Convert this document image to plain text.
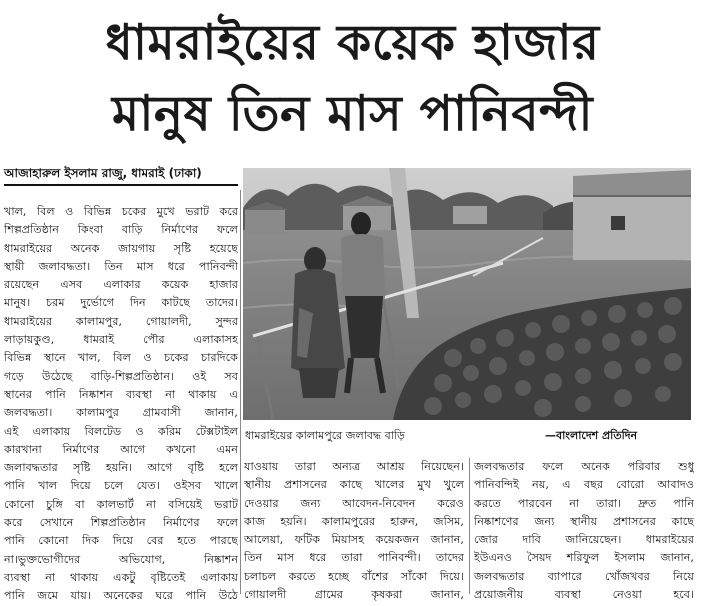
ধামরাইয়ের কয়েক হাজার
মানুষ তিন মাস পানিবন্দী
আজাহারুল ইসলাম রাজু, ধামরাই (ঢাকা)
খাল, বিল ও বিভিন্ন চকের মুখে ভরাট করে
শিল্পপ্রতিষ্ঠান কিংবা বাড়ি নির্মাণের ফলে
ধামরাইয়ের অনেক জায়গায় সৃষ্টি হয়েছে
স্থায়ী জলাবদ্ধতা। তিন মাস ধরে পানিবন্দী
রয়েছেন এসব এলাকার কয়েক হাজার
মানুষ। চরম দুর্ভোগে দিন কাটছে তাদের।
ধামরাইয়ের কালামপুর, গোয়ালদী, সুন্দর
লাড়ায়কুণ্ড, ধামরাই পৌর এলাকাসহ
বিভিন্ন স্থানে খাল, বিল ও চকের চারদিকে
গড়ে উঠেছে বাড়ি-শিল্পপ্রতিষ্ঠান। ওই সব
স্থানের পানি নিষ্কাশন ব্যবস্থা না থাকায় এ
জলবদ্ধতা। কালামপুর গ্রামবাসী জানান,
এই এলাকায় বিলটেড ও করিম টেক্সটাইল
কারখানা নির্মাণের আগে কখনো এমন
জলাবদ্ধতার সৃষ্টি হয়নি। আগে বৃষ্টি হলে
পানি খাল দিয়ে চলে যেত। ওইসব খালে
কোনো চুঙ্গি বা কালভার্ট না বসিয়েই ভরাট
করে সেখানে শিল্পপ্রতিষ্ঠান নির্মাণের ফলে
পানি কোনো দিক দিয়ে বের হতে পারছে
না।ভুক্তভোগীদের অভিযোগ, নিষ্কাশন
ব্যবস্থা না থাকায় একটু বৃষ্টিতেই এলাকায়
পানি জমে যায়। অনেকের ঘরে পানি উঠে
ধামরাইয়ের কালামপুরে জলাবদ্ধ বাড়ি	—বাংলাদেশ প্রতিদিন
যাওয়ায় তারা অন্যত্র আশ্রয় নিয়েছেন।
স্থানীয় প্রশাসনের কাছে খালের মুখ খুলে
দেওয়ার জন্য আবেদন-নিবেদন করেও
কাজ হয়নি। কালামপুরের হারুন, জসিম,
আলেয়া, ফটিক মিয়াসহ কয়েকজন জানান,
তিন মাস ধরে তারা পানিবন্দী। তাদের
চলাচল করতে হচ্ছে বাঁশের সাঁকো দিয়ে।
গোয়ালদী গ্রামের কৃষকরা জানান,
জলবদ্ধতার ফলে অনেক পরিবার শুধু
পানিবন্দিই নয়, এ বছর বোরো আবাদও
করতে পারবেন না তারা। দ্রুত পানি
নিষ্কাশণের জন্য স্থানীয় প্রশাসনের কাছে
জোর দাবি জানিয়েছেন। ধামরাইয়ের
ইউএনও সৈয়দ শরিফুল ইসলাম জানান,
জলবদ্ধতার ব্যাপারে খোঁজখবর নিয়ে
প্রয়োজনীয় ব্যবস্থা নেওয়া হবে।
